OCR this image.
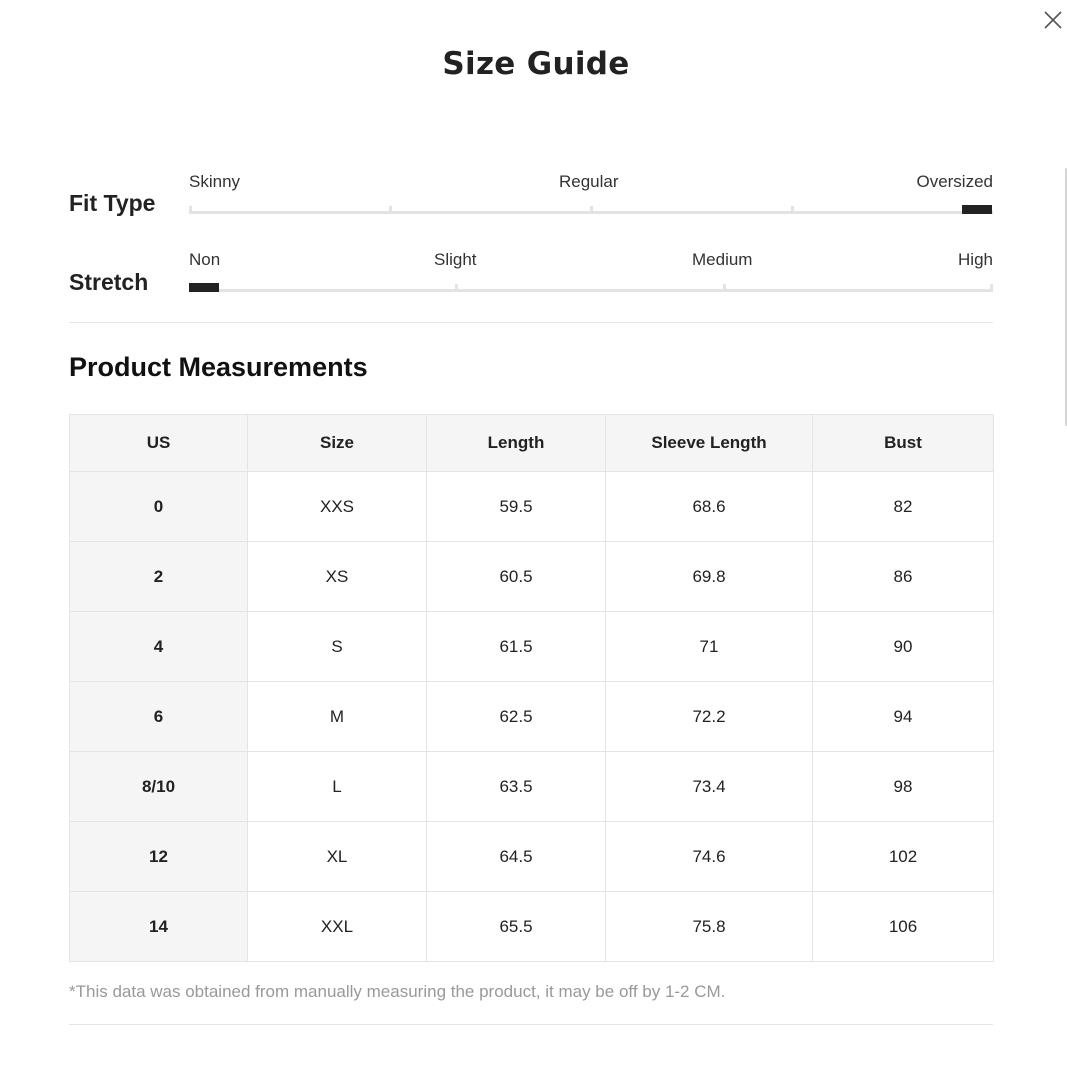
Size Guide
Fit Type
Skinny	Regular	Oversized
Stretch
Non	Slight	Medium	High
Product Measurements
US	Size	Length	Sleeve Length	Bust
0	XXS	59.5	68.6	82
2	XS	60.5	69.8	86
4	S	61.5	71	90
6	M	62.5	72.2	94
8/10	L	63.5	73.4	98
12	XL	64.5	74.6	102
14	XXL	65.5	75.8	106
*This data was obtained from manually measuring the product, it may be off by 1-2 CM.
